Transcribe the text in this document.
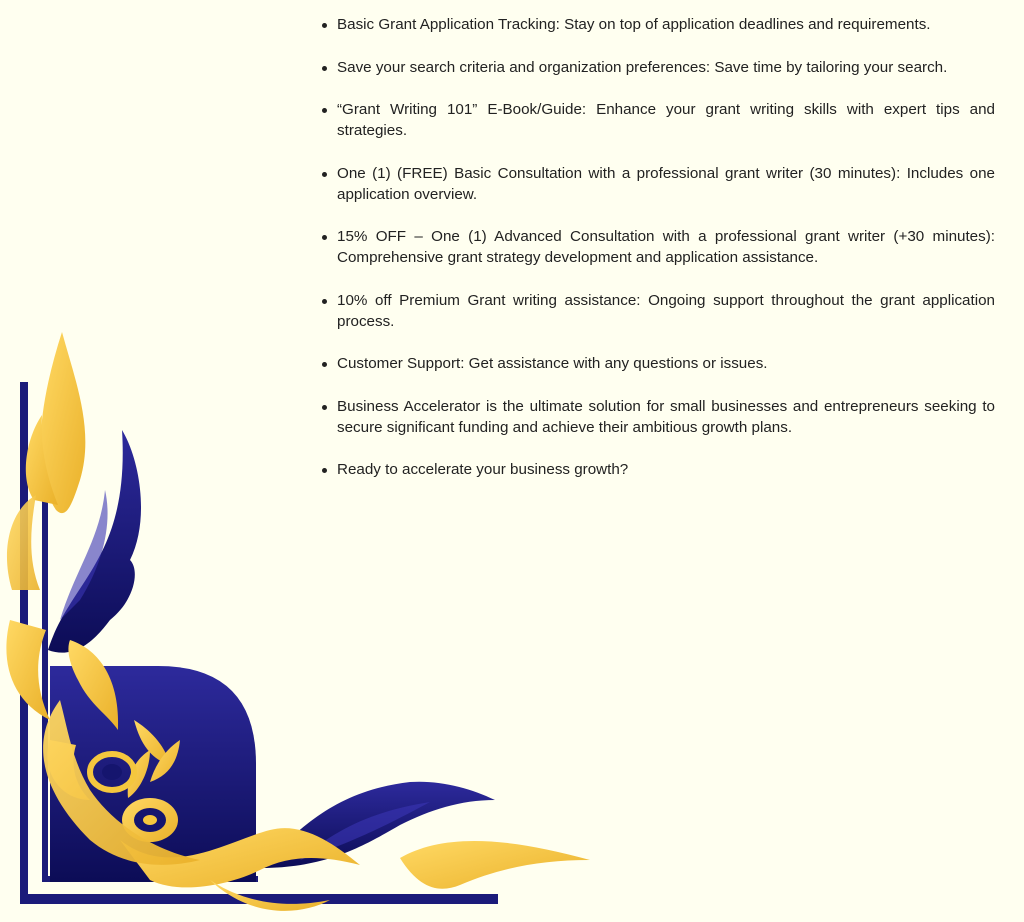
Basic Grant Application Tracking: Stay on top of application deadlines and requirements.
Save your search criteria and organization preferences: Save time by tailoring your search.
“Grant Writing 101” E-Book/Guide: Enhance your grant writing skills with expert tips and strategies.
One (1) (FREE) Basic Consultation with a professional grant writer (30 minutes): Includes one application overview.
15% OFF – One (1) Advanced Consultation with a professional grant writer (+30 minutes): Comprehensive grant strategy development and application assistance.
10% off Premium Grant writing assistance: Ongoing support throughout the grant application process.
Customer Support: Get assistance with any questions or issues.
Business Accelerator is the ultimate solution for small businesses and entrepreneurs seeking to secure significant funding and achieve their ambitious growth plans.
Ready to accelerate your business growth?
